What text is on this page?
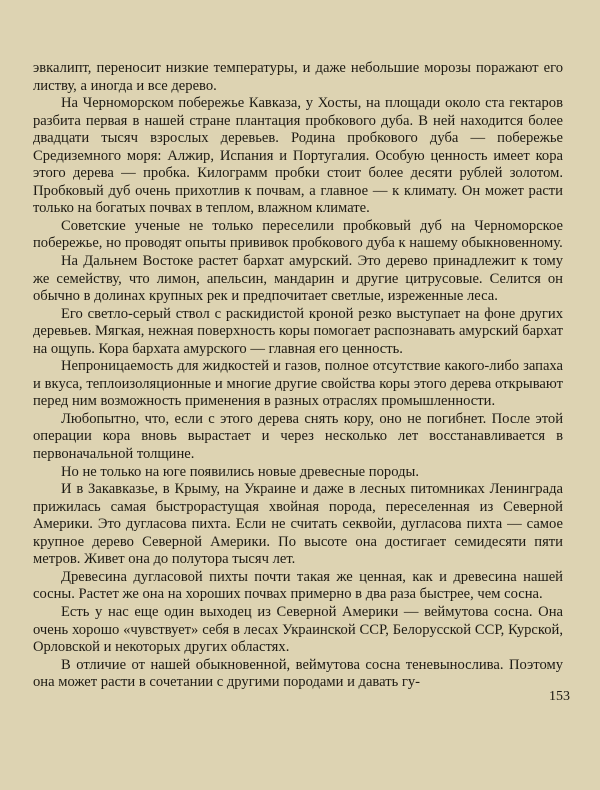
эвкалипт, переносит низкие температуры, и даже небольшие морозы поражают его листву, а иногда и все дерево.

На Черноморском побережье Кавказа, у Хосты, на площади около ста гектаров разбита первая в нашей стране плантация пробкового дуба. В ней находится более двадцати тысяч взрослых деревьев. Родина пробкового дуба — побережье Средиземного моря: Алжир, Испания и Португалия. Особую ценность имеет кора этого дерева — пробка. Килограмм пробки стоит более десяти рублей золотом. Пробковый дуб очень прихотлив к почвам, а главное — к климату. Он может расти только на богатых почвах в теплом, влажном климате.

Советские ученые не только переселили пробковый дуб на Черноморское побережье, но проводят опыты прививок пробкового дуба к нашему обыкновенному.

На Дальнем Востоке растет бархат амурский. Это дерево принадлежит к тому же семейству, что лимон, апельсин, мандарин и другие цитрусовые. Селится он обычно в долинах крупных рек и предпочитает светлые, изреженные леса.

Его светло-серый ствол с раскидистой кроной резко выступает на фоне других деревьев. Мягкая, нежная поверхность коры помогает распознавать амурский бархат на ощупь. Кора бархата амурского — главная его ценность.

Непроницаемость для жидкостей и газов, полное отсутствие какого-либо запаха и вкуса, теплоизоляционные и многие другие свойства коры этого дерева открывают перед ним возможность применения в разных отраслях промышленности.

Любопытно, что, если с этого дерева снять кору, оно не погибнет. После этой операции кора вновь вырастает и через несколько лет восстанавливается в первоначальной толщине.

Но не только на юге появились новые древесные породы.

И в Закавказье, в Крыму, на Украине и даже в лесных питомниках Ленинграда прижилась самая быстрорастущая хвойная порода, переселенная из Северной Америки. Это дугласова пихта. Если не считать секвойи, дугласова пихта — самое крупное дерево Северной Америки. По высоте она достигает семидесяти пяти метров. Живет она до полутора тысяч лет.

Древесина дугласовой пихты почти такая же ценная, как и древесина нашей сосны. Растет же она на хороших почвах примерно в два раза быстрее, чем сосна.

Есть у нас еще один выходец из Северной Америки — веймутова сосна. Она очень хорошо «чувствует» себя в лесах Украинской ССР, Белорусской ССР, Курской, Орловской и некоторых других областях.

В отличие от нашей обыкновенной, веймутова сосна теневынослива. Поэтому она может расти в сочетании с другими породами и давать гу-

153
